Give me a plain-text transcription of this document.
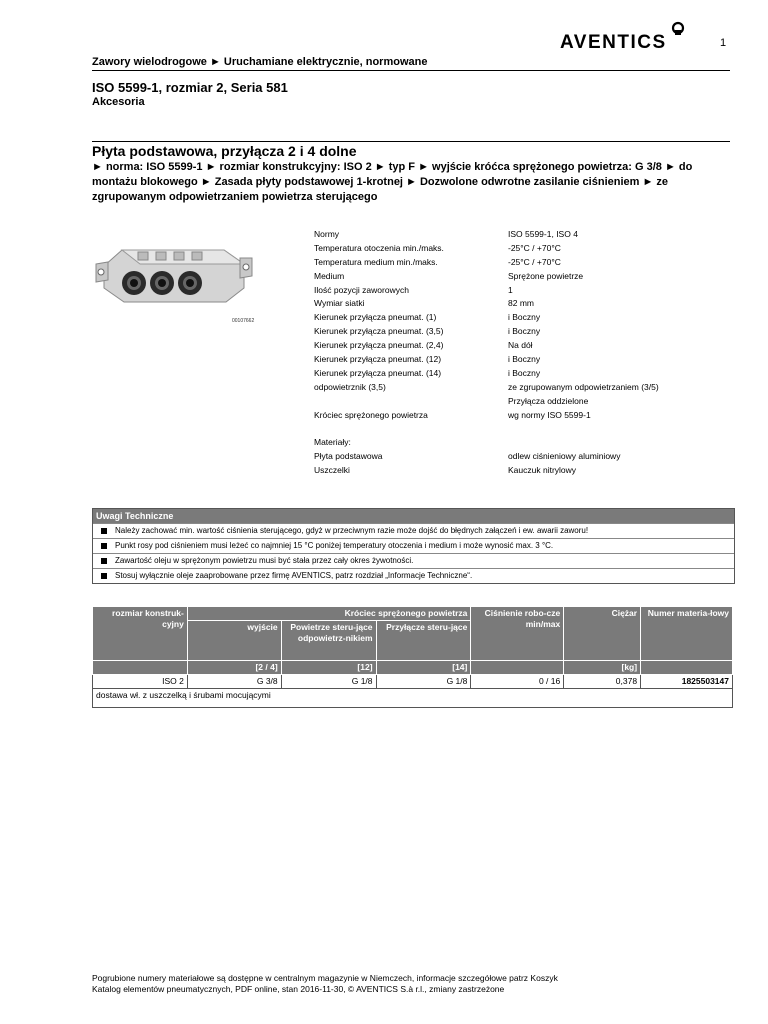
AVENTICS	1
Zawory wielodrogowe ► Uruchamiane elektrycznie, normowane
ISO 5599-1, rozmiar 2, Seria 581
Akcesoria
Płyta podstawowa, przyłącza 2 i 4 dolne
► norma: ISO 5599-1 ► rozmiar konstrukcyjny: ISO 2 ► typ F ► wyjście króćca sprężonego powietrza: G 3/8 ► do montażu blokowego ► Zasada płyty podstawowej 1-krotnej ► Dozwolone odwrotne zasilanie ciśnieniem ► ze zgrupowanym odpowietrzaniem powietrza sterującego
00107662
Normy	ISO 5599-1, ISO 4
Temperatura otoczenia min./maks.	-25°C / +70°C
Temperatura medium min./maks.	-25°C / +70°C
Medium	Sprężone powietrze
Ilość pozycji zaworowych	1
Wymiar siatki	82 mm
Kierunek przyłącza pneumat. (1)	i Boczny
Kierunek przyłącza pneumat. (3,5)	i Boczny
Kierunek przyłącza pneumat. (2,4)	Na dół
Kierunek przyłącza pneumat. (12)	i Boczny
Kierunek przyłącza pneumat. (14)	i Boczny
odpowietrznik (3,5)	ze zgrupowanym odpowietrzaniem (3/5)
Przyłącza oddzielone
Króciec sprężonego powietrza	wg normy ISO 5599-1
Materiały:
Płyta podstawowa	odlew ciśnieniowy aluminiowy
Uszczelki	Kauczuk nitrylowy
Uwagi Techniczne
Należy zachować min. wartość ciśnienia sterującego, gdyż w przeciwnym razie może dojść do błędnych załączeń i ew. awarii zaworu!
Punkt rosy pod ciśnieniem musi leżeć co najmniej 15 °C poniżej temperatury otoczenia i medium i może wynosić max. 3 °C.
Zawartość oleju w sprężonym powietrzu musi być stała przez cały okres żywotności.
Stosuj wyłącznie oleje zaaprobowane przez firmę AVENTICS, patrz rozdział „Informacje Techniczne“.
rozmiar konstruk-cyjny	Króciec sprężonego powietrza			Ciśnienie robo-cze min/max	Ciężar	Numer materia-łowy
	wyjście	Powietrze steru-jące odpowietrz-nikiem	Przyłącze steru-jące			
	[2 / 4]	[12]	[14]		[kg]	
ISO 2	G 3/8	G 1/8	G 1/8	0 / 16	0,378	1825503147
dostawa wł. z uszczelką i śrubami mocującymi						
Pogrubione numery materiałowe są dostępne w centralnym magazynie w Niemczech, informacje szczegółowe patrz Koszyk
Katalog elementów pneumatycznych, PDF online, stan 2016-11-30, © AVENTICS S.à r.l., zmiany zastrzeżone
